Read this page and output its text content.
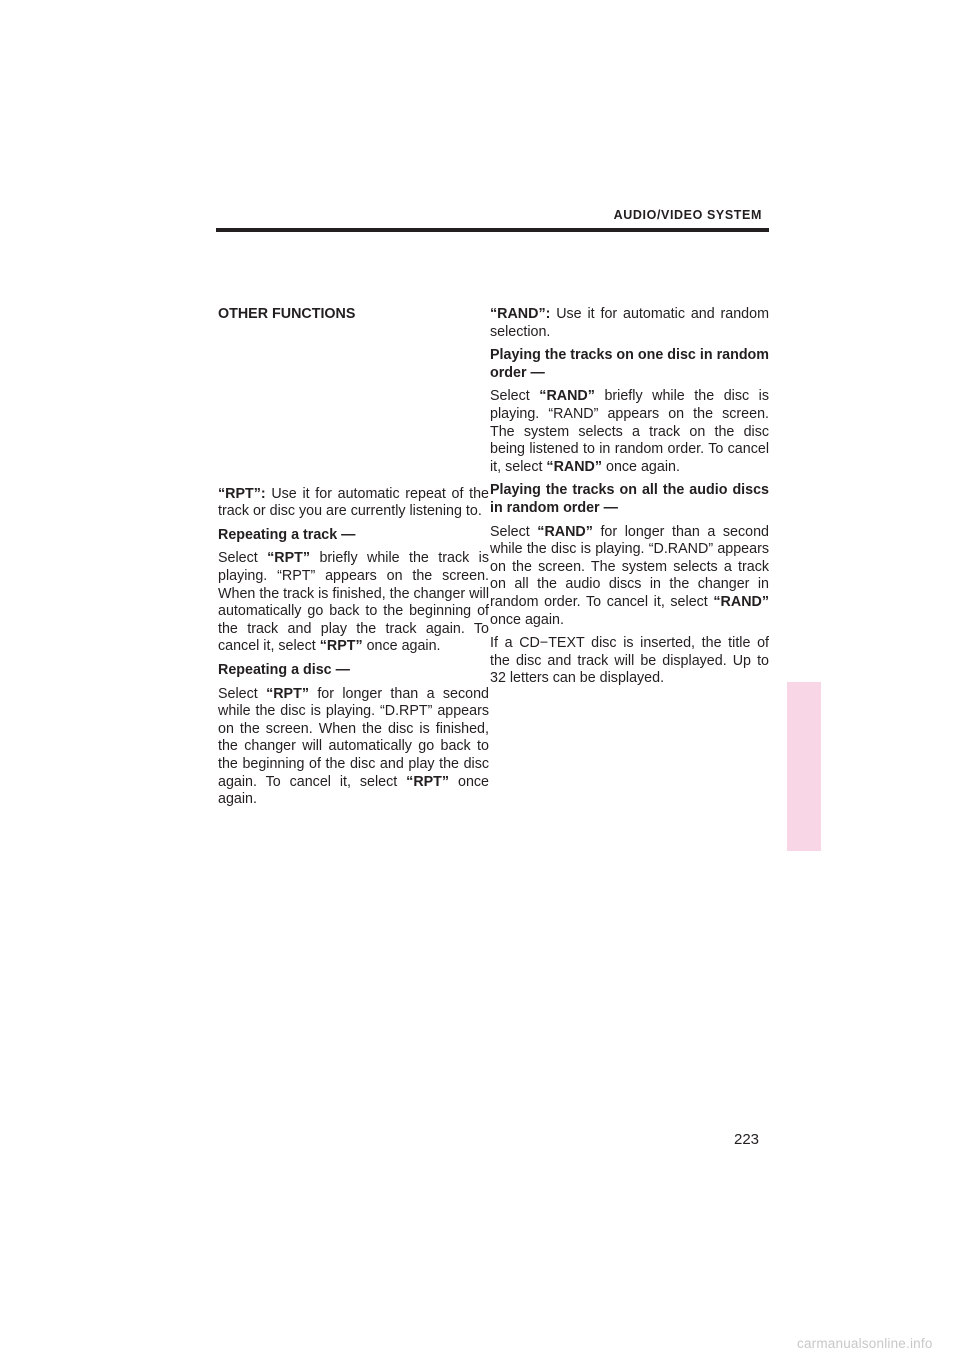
AUDIO/VIDEO SYSTEM

OTHER FUNCTIONS

“RPT”: Use it for automatic repeat of the track or disc you are currently listening to.

Repeating a track —

Select “RPT” briefly while the track is playing. “RPT” appears on the screen. When the track is finished, the changer will automatically go back to the beginning of the track and play the track again. To cancel it, select “RPT” once again.

Repeating a disc —

Select “RPT” for longer than a second while the disc is playing. “D.RPT” appears on the screen. When the disc is finished, the changer will automatically go back to the beginning of the disc and play the disc again. To cancel it, select “RPT” once again.

“RAND”: Use it for automatic and random selection.

Playing the tracks on one disc in random order —

Select “RAND” briefly while the disc is playing. “RAND” appears on the screen. The system selects a track on the disc being listened to in random order. To cancel it, select “RAND” once again.

Playing the tracks on all the audio discs in random order —

Select “RAND” for longer than a second while the disc is playing. “D.RAND” appears on the screen. The system selects a track on all the audio discs in the changer in random order. To cancel it, select “RAND” once again.

If a CD−TEXT disc is inserted, the title of the disc and track will be displayed. Up to 32 letters can be displayed.

223
carmanualsonline.info
